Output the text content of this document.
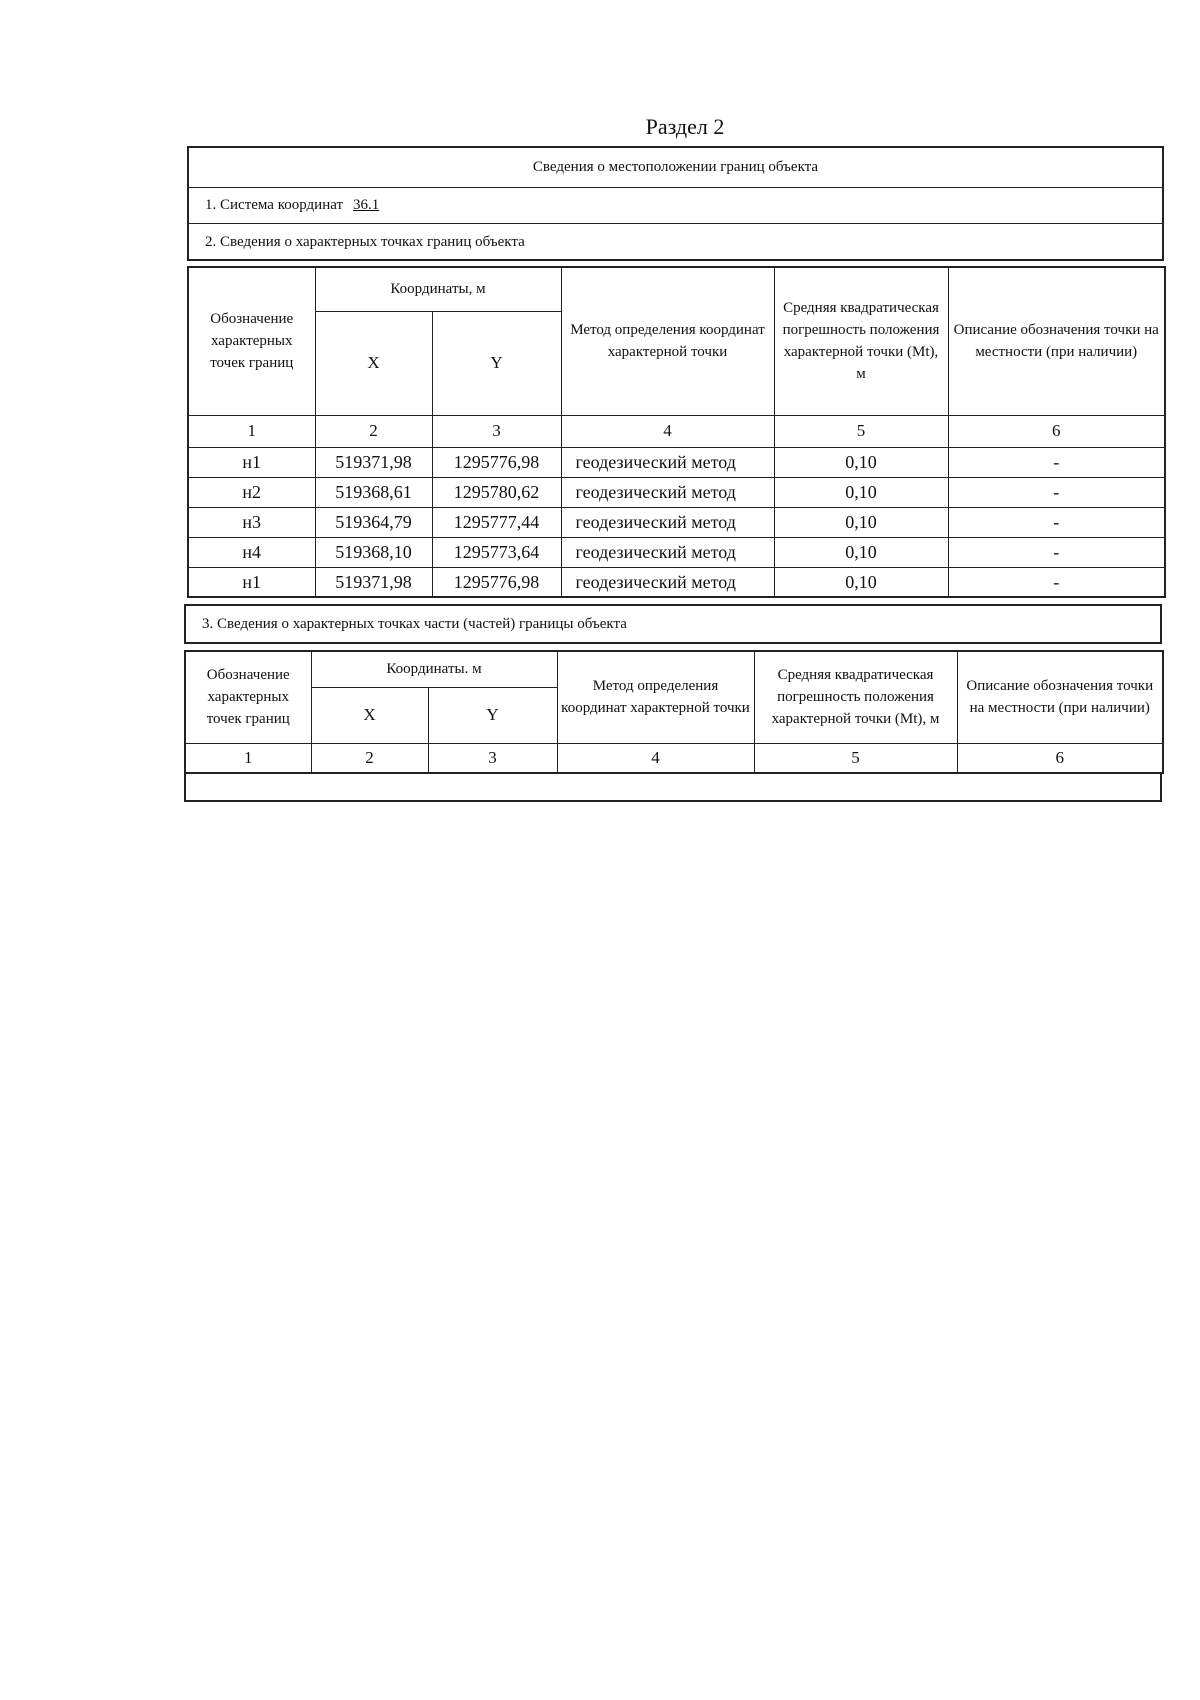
Раздел 2
Сведения о местоположении границ объекта
1. Система координат 36.1
2. Сведения о характерных точках границ объекта
Обозначение характерных точек границ	Координаты, м		Метод определения координат характерной точки	Средняя квадратическая погрешность положения характерной точки (Mt), м	Описание обозначения точки на местности (при наличии)
	X	Y			
1	2	3	4	5	6
н1	519371,98	1295776,98	геодезический метод	0,10	-
н2	519368,61	1295780,62	геодезический метод	0,10	-
н3	519364,79	1295777,44	геодезический метод	0,10	-
н4	519368,10	1295773,64	геодезический метод	0,10	-
н1	519371,98	1295776,98	геодезический метод	0,10	-
3. Сведения о характерных точках части (частей) границы объекта
Обозначение характерных точек границ	Координаты. м		Метод определения координат характерной точки	Средняя квадратическая погрешность положения характерной точки (Mt), м	Описание обозначения точки на местности (при наличии)
	X	Y			
1	2	3	4	5	6
